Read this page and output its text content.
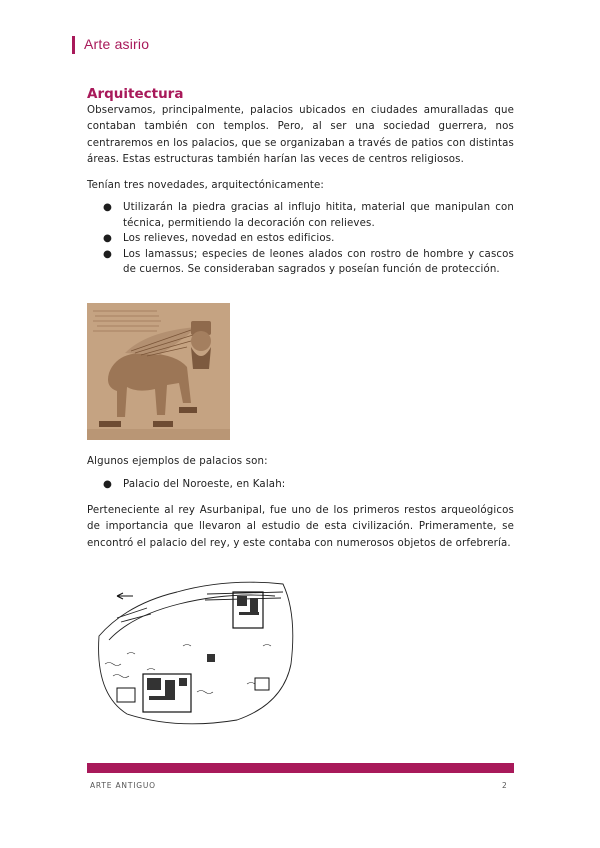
Arte asirio
Arquitectura

Observamos, principalmente, palacios ubicados en ciudades amuralladas que contaban también con templos. Pero, al ser una sociedad guerrera, nos centraremos en los palacios, que se organizaban a través de patios con distintas áreas. Estas estructuras también harían las veces de centros religiosos.

Tenían tres novedades, arquitectónicamente:

● Utilizarán la piedra gracias al influjo hitita, material que manipulan con técnica, permitiendo la decoración con relieves.
● Los relieves, novedad en estos edificios.
● Los lamassus; especies de leones alados con rostro de hombre y cascos de cuernos. Se consideraban sagrados y poseían función de protección.

Algunos ejemplos de palacios son:

● Palacio del Noroeste, en Kalah:

Perteneciente al rey Asurbanipal, fue uno de los primeros restos arqueológicos de importancia que llevaron al estudio de esta civilización. Primeramente, se encontró el palacio del rey, y este contaba con numerosos objetos de orfebrería.

ARTE ANTIGUO	2
